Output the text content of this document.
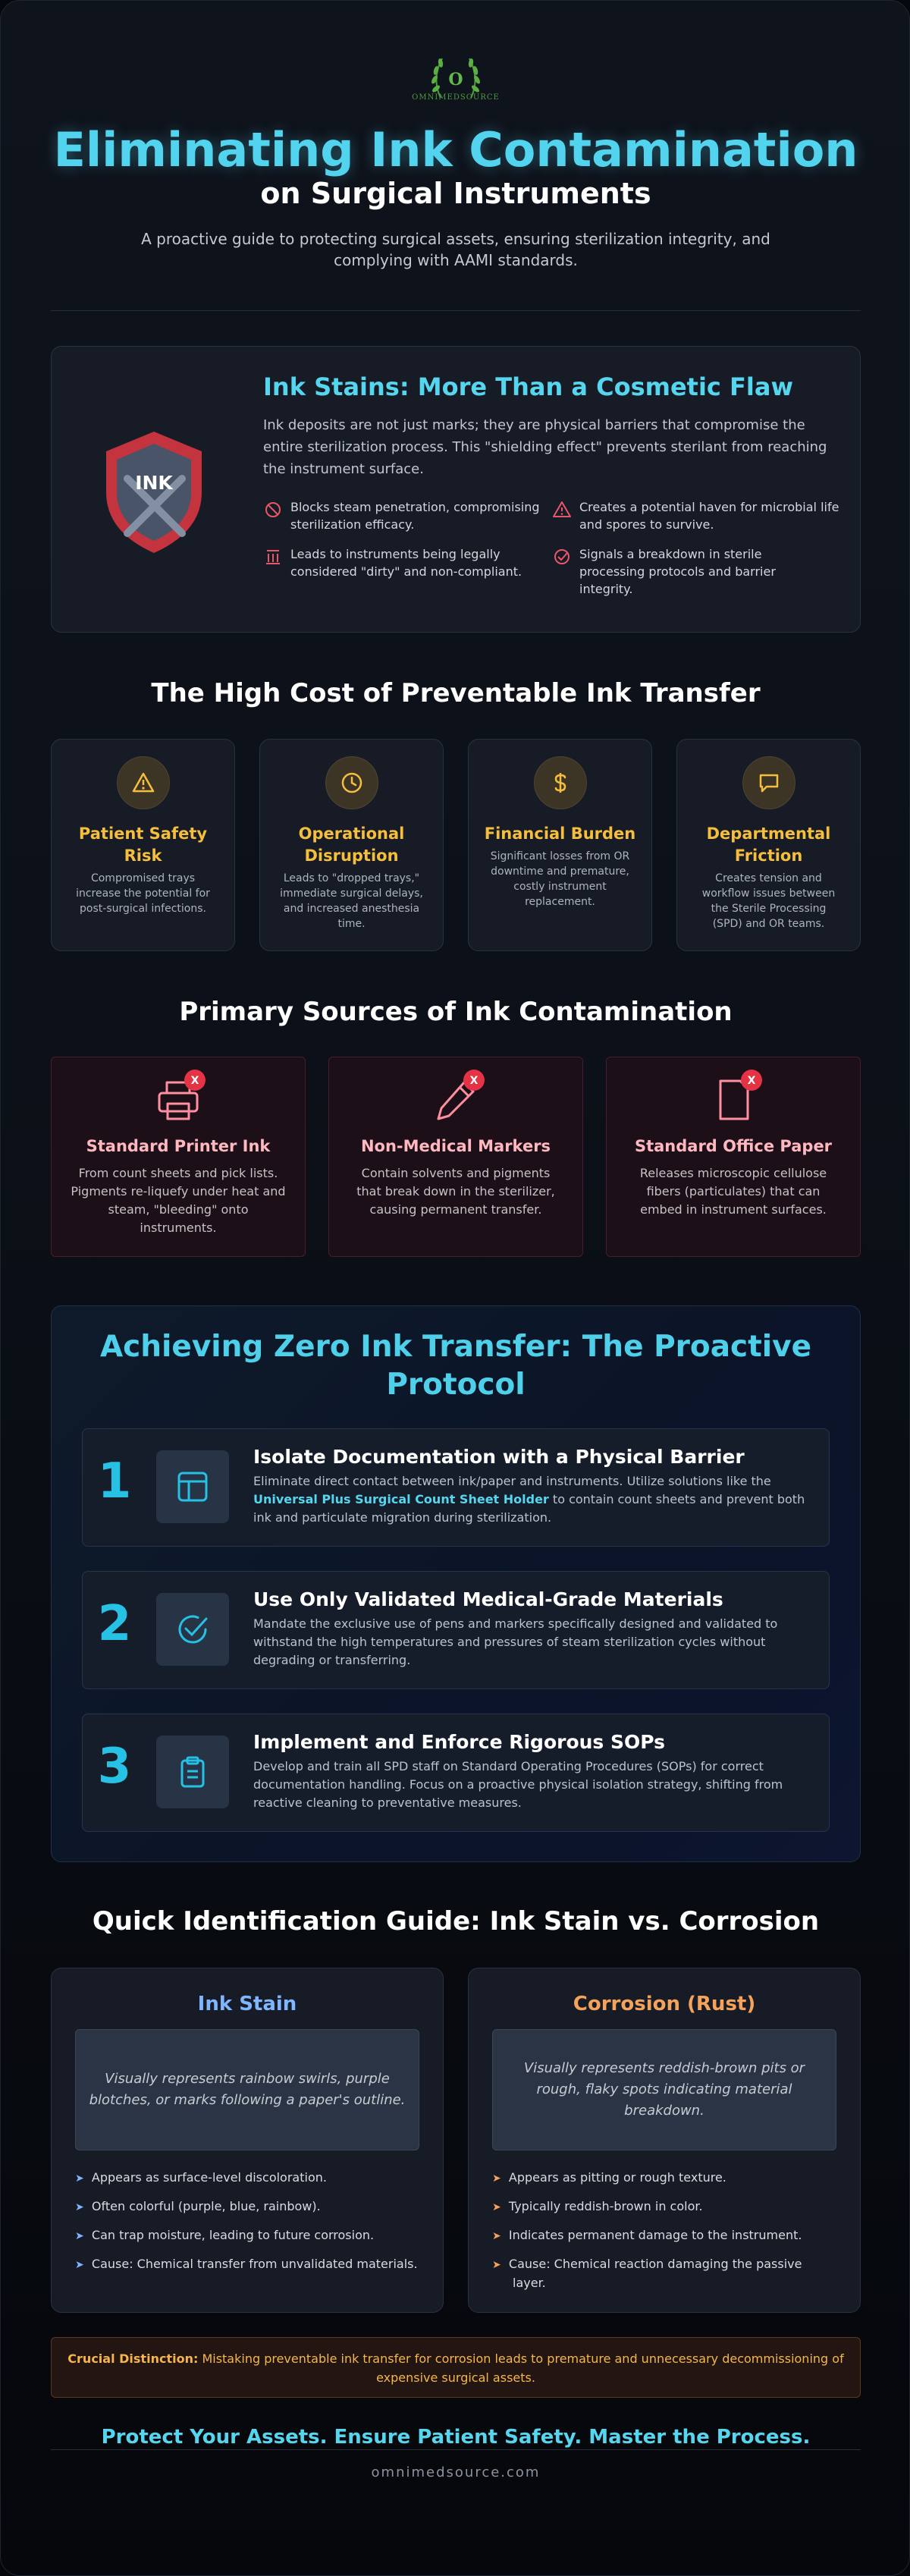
O
OMNIMEDSOURCE
Eliminating Ink Contamination
on Surgical Instruments
A proactive guide to protecting surgical assets, ensuring sterilization integrity, and complying with AAMI standards.
INK
Ink Stains: More Than a Cosmetic Flaw
Ink deposits are not just marks; they are physical barriers that compromise the entire sterilization process. This "shielding effect" prevents sterilant from reaching the instrument surface.
Blocks steam penetration, compromising sterilization efficacy.
Creates a potential haven for microbial life and spores to survive.
Leads to instruments being legally considered "dirty" and non-compliant.
Signals a breakdown in sterile processing protocols and barrier integrity.
The High Cost of Preventable Ink Transfer
Patient Safety
Risk
Compromised trays
increase the potential for
post-surgical infections.
Operational
Disruption
Leads to "dropped trays,"
immediate surgical delays,
and increased anesthesia
time.
Financial Burden
Significant losses from OR
downtime and premature,
costly instrument
replacement.
Departmental
Friction
Creates tension and
workflow issues between
the Sterile Processing
(SPD) and OR teams.
Primary Sources of Ink Contamination
X
Standard Printer Ink
From count sheets and pick lists.
Pigments re-liquefy under heat and
steam, "bleeding" onto
instruments.
X
Non-Medical Markers
Contain solvents and pigments
that break down in the sterilizer,
causing permanent transfer.
X
Standard Office Paper
Releases microscopic cellulose
fibers (particulates) that can
embed in instrument surfaces.
Achieving Zero Ink Transfer: The Proactive
Protocol
1	Isolate Documentation with a Physical Barrier
Eliminate direct contact between ink/paper and instruments. Utilize solutions like the
Universal Plus Surgical Count Sheet Holder to contain count sheets and prevent both
ink and particulate migration during sterilization.
2	Use Only Validated Medical-Grade Materials
Mandate the exclusive use of pens and markers specifically designed and validated to
withstand the high temperatures and pressures of steam sterilization cycles without
degrading or transferring.
3	Implement and Enforce Rigorous SOPs
Develop and train all SPD staff on Standard Operating Procedures (SOPs) for correct
documentation handling. Focus on a proactive physical isolation strategy, shifting from
reactive cleaning to preventative measures.
Quick Identification Guide: Ink Stain vs. Corrosion
Ink Stain
Visually represents rainbow swirls, purple
blotches, or marks following a paper's outline.
➤ Appears as surface-level discoloration.
➤ Often colorful (purple, blue, rainbow).
➤ Can trap moisture, leading to future corrosion.
➤ Cause: Chemical transfer from unvalidated materials.
Corrosion (Rust)
Visually represents reddish-brown pits or
rough, flaky spots indicating material
breakdown.
➤ Appears as pitting or rough texture.
➤ Typically reddish-brown in color.
➤ Indicates permanent damage to the instrument.
➤ Cause: Chemical reaction damaging the passive
layer.
Crucial Distinction: Mistaking preventable ink transfer for corrosion leads to premature and unnecessary decommissioning of
expensive surgical assets.
Protect Your Assets. Ensure Patient Safety. Master the Process.
omnimedsource.com
